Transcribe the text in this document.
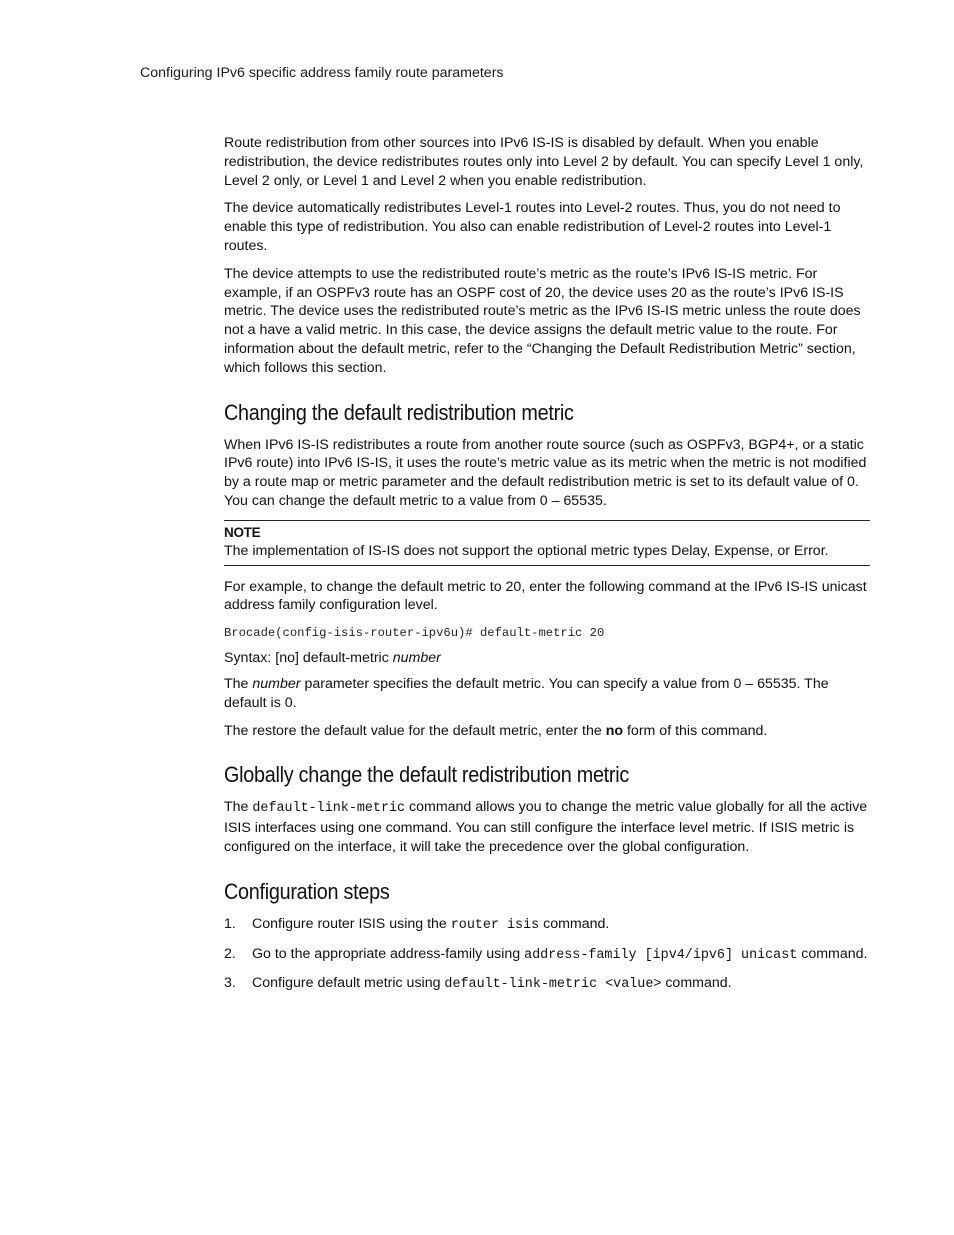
Configuring IPv6 specific address family route parameters

Route redistribution from other sources into IPv6 IS-IS is disabled by default. When you enable redistribution, the device redistributes routes only into Level 2 by default. You can specify Level 1 only, Level 2 only, or Level 1 and Level 2 when you enable redistribution.

The device automatically redistributes Level-1 routes into Level-2 routes. Thus, you do not need to enable this type of redistribution. You also can enable redistribution of Level-2 routes into Level-1 routes.

The device attempts to use the redistributed route’s metric as the route’s IPv6 IS-IS metric. For example, if an OSPFv3 route has an OSPF cost of 20, the device uses 20 as the route’s IPv6 IS-IS metric. The device uses the redistributed route’s metric as the IPv6 IS-IS metric unless the route does not a have a valid metric. In this case, the device assigns the default metric value to the route. For information about the default metric, refer to the “Changing the Default Redistribution Metric” section, which follows this section.

Changing the default redistribution metric

When IPv6 IS-IS redistributes a route from another route source (such as OSPFv3, BGP4+, or a static IPv6 route) into IPv6 IS-IS, it uses the route’s metric value as its metric when the metric is not modified by a route map or metric parameter and the default redistribution metric is set to its default value of 0. You can change the default metric to a value from 0 – 65535.

NOTE
The implementation of IS-IS does not support the optional metric types Delay, Expense, or Error.

For example, to change the default metric to 20, enter the following command at the IPv6 IS-IS unicast address family configuration level.

Brocade(config-isis-router-ipv6u)# default-metric 20
Syntax: [no] default-metric number

The number parameter specifies the default metric. You can specify a value from 0 – 65535. The default is 0.

The restore the default value for the default metric, enter the no form of this command.

Globally change the default redistribution metric

The default-link-metric command allows you to change the metric value globally for all the active ISIS interfaces using one command. You can still configure the interface level metric. If ISIS metric is configured on the interface, it will take the precedence over the global configuration.

Configuration steps
1. Configure router ISIS using the router isis command.
2. Go to the appropriate address-family using address-family [ipv4/ipv6] unicast command.
3. Configure default metric using default-link-metric <value> command.
